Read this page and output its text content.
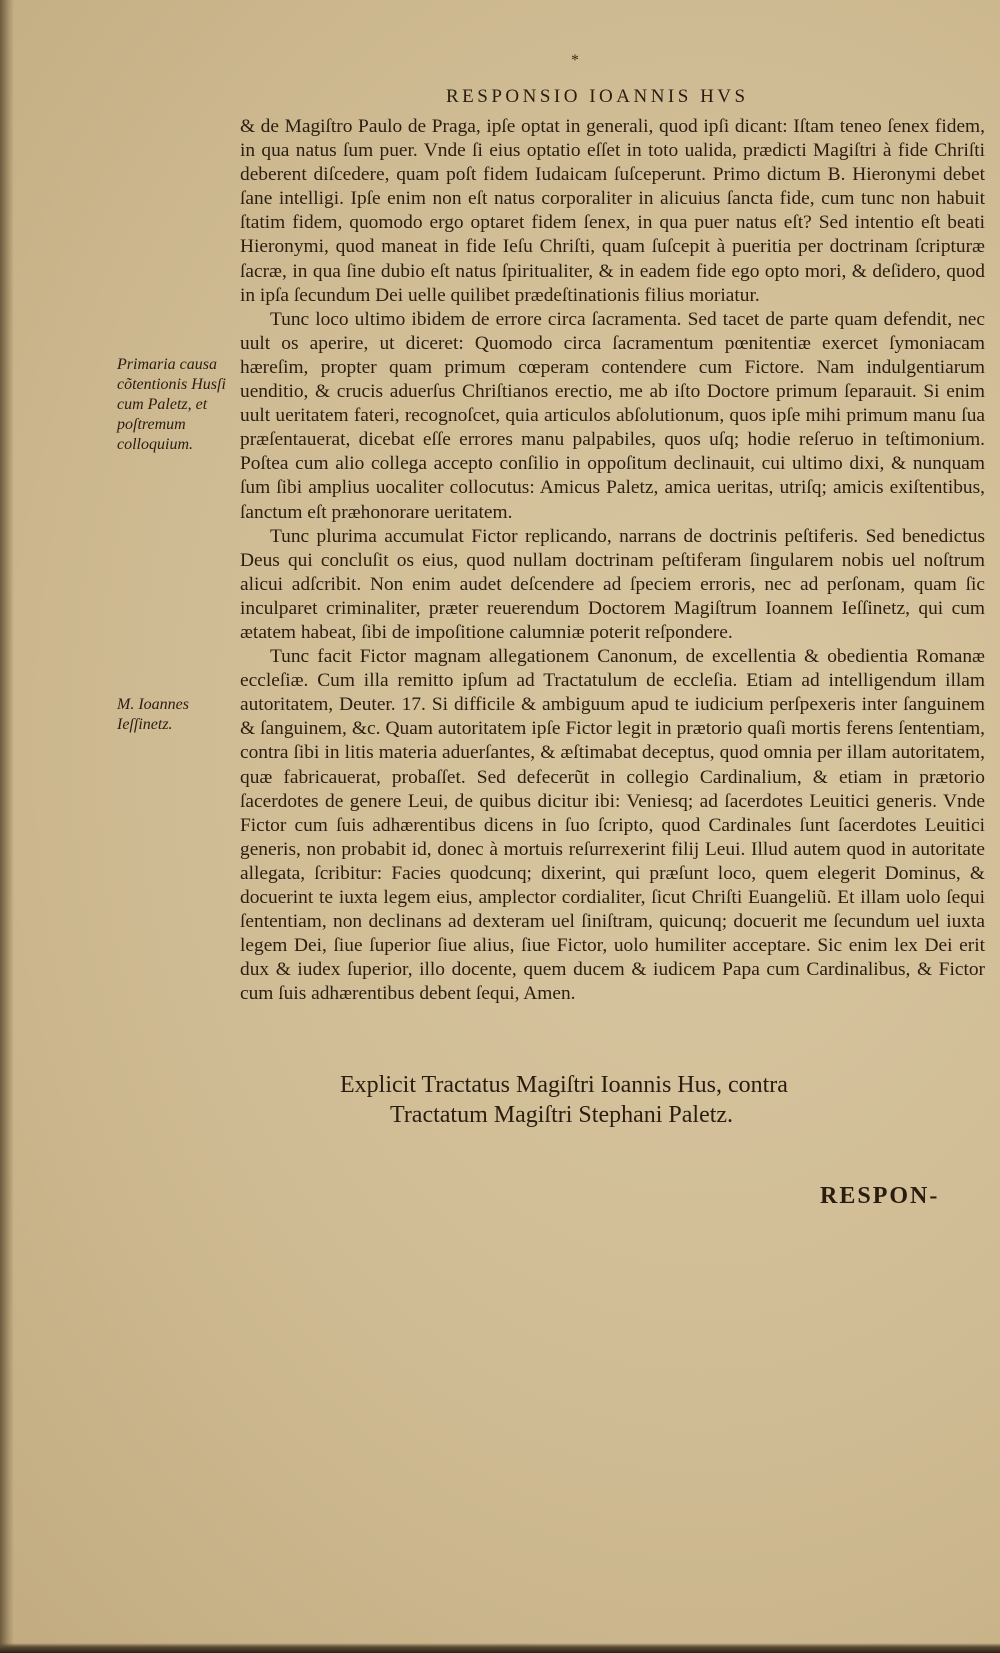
*
RESPONSIO IOANNIS HVS

Primaria causa cõtentionis Husſi cum Paletz, et poſtremum colloquium.

M. Ioannes Ieſſinetz.

& de Magiſtro Paulo de Praga, ipſe optat in generali, quod ipſi dicant: Iſtam teneo ſenex fidem, in qua natus ſum puer. Vnde ſi eius optatio eſſet in toto ualida, prædicti Magiſtri à fide Chriſti deberent diſcedere, quam poſt fidem Iudaicam ſuſceperunt. Primo dictum B. Hieronymi debet ſane intelligi. Ipſe enim non eſt natus corporaliter in alicuius ſancta fide, cum tunc non habuit ſtatim fidem, quomodo ergo optaret fidem ſenex, in qua puer natus eſt? Sed intentio eſt beati Hieronymi, quod maneat in fide Ieſu Chriſti, quam ſuſcepit à pueritia per doctrinam ſcripturæ ſacræ, in qua ſine dubio eſt natus ſpiritualiter, & in eadem fide ego opto mori, & deſidero, quod in ipſa ſecundum Dei uelle quilibet prædeſtinationis filius moriatur.

Tunc loco ultimo ibidem de errore circa ſacramenta. Sed tacet de parte quam defendit, nec uult os aperire, ut diceret: Quomodo circa ſacramentum pœnitentiæ exercet ſymoniacam hæreſim, propter quam primum cœperam contendere cum Fictore. Nam indulgentiarum uenditio, & crucis aduerſus Chriſtianos erectio, me ab iſto Doctore primum ſeparauit. Si enim uult ueritatem fateri, recognoſcet, quia articulos abſolutionum, quos ipſe mihi primum manu ſua præſentauerat, dicebat eſſe errores manu palpabiles, quos uſq; hodie reſeruo in teſtimonium. Poſtea cum alio collega accepto conſilio in oppoſitum declinauit, cui ultimo dixi, & nunquam ſum ſibi amplius uocaliter collocutus: Amicus Paletz, amica ueritas, utriſq; amicis exiſtentibus, ſanctum eſt præhonorare ueritatem.

Tunc plurima accumulat Fictor replicando, narrans de doctrinis peſtiferis. Sed benedictus Deus qui concluſit os eius, quod nullam doctrinam peſtiferam ſingularem nobis uel noſtrum alicui adſcribit. Non enim audet deſcendere ad ſpeciem erroris, nec ad perſonam, quam ſic inculparet criminaliter, præter reuerendum Doctorem Magiſtrum Ioannem Ieſſinetz, qui cum ætatem habeat, ſibi de impoſitione calumniæ poterit reſpondere.

Tunc facit Fictor magnam allegationem Canonum, de excellentia & obedientia Romanæ eccleſiæ. Cum illa remitto ipſum ad Tractatulum de eccleſia. Etiam ad intelligendum illam autoritatem, Deuter. 17. Si difficile & ambiguum apud te iudicium perſpexeris inter ſanguinem & ſanguinem, &c. Quam autoritatem ipſe Fictor legit in prætorio quaſi mortis ferens ſententiam, contra ſibi in litis materia aduerſantes, & æſtimabat deceptus, quod omnia per illam autoritatem, quæ fabricauerat, probaſſet. Sed defecerũt in collegio Cardinalium, & etiam in prætorio ſacerdotes de genere Leui, de quibus dicitur ibi: Veniesq; ad ſacerdotes Leuitici generis. Vnde Fictor cum ſuis adhærentibus dicens in ſuo ſcripto, quod Cardinales ſunt ſacerdotes Leuitici generis, non probabit id, donec à mortuis reſurrexerint filij Leui. Illud autem quod in autoritate allegata, ſcribitur: Facies quodcunq; dixerint, qui præſunt loco, quem elegerit Dominus, & docuerint te iuxta legem eius, amplector cordialiter, ſicut Chriſti Euangeliũ. Et illam uolo ſequi ſententiam, non declinans ad dexteram uel ſiniſtram, quicunq; docuerit me ſecundum uel iuxta legem Dei, ſiue ſuperior ſiue alius, ſiue Fictor, uolo humiliter acceptare. Sic enim lex Dei erit dux & iudex ſuperior, illo docente, quem ducem & iudicem Papa cum Cardinalibus, & Fictor cum ſuis adhærentibus debent ſequi, Amen.

Explicit Tractatus Magiſtri Ioannis Hus, contra
Tractatum Magiſtri Stephani Paletz.
RESPON-
